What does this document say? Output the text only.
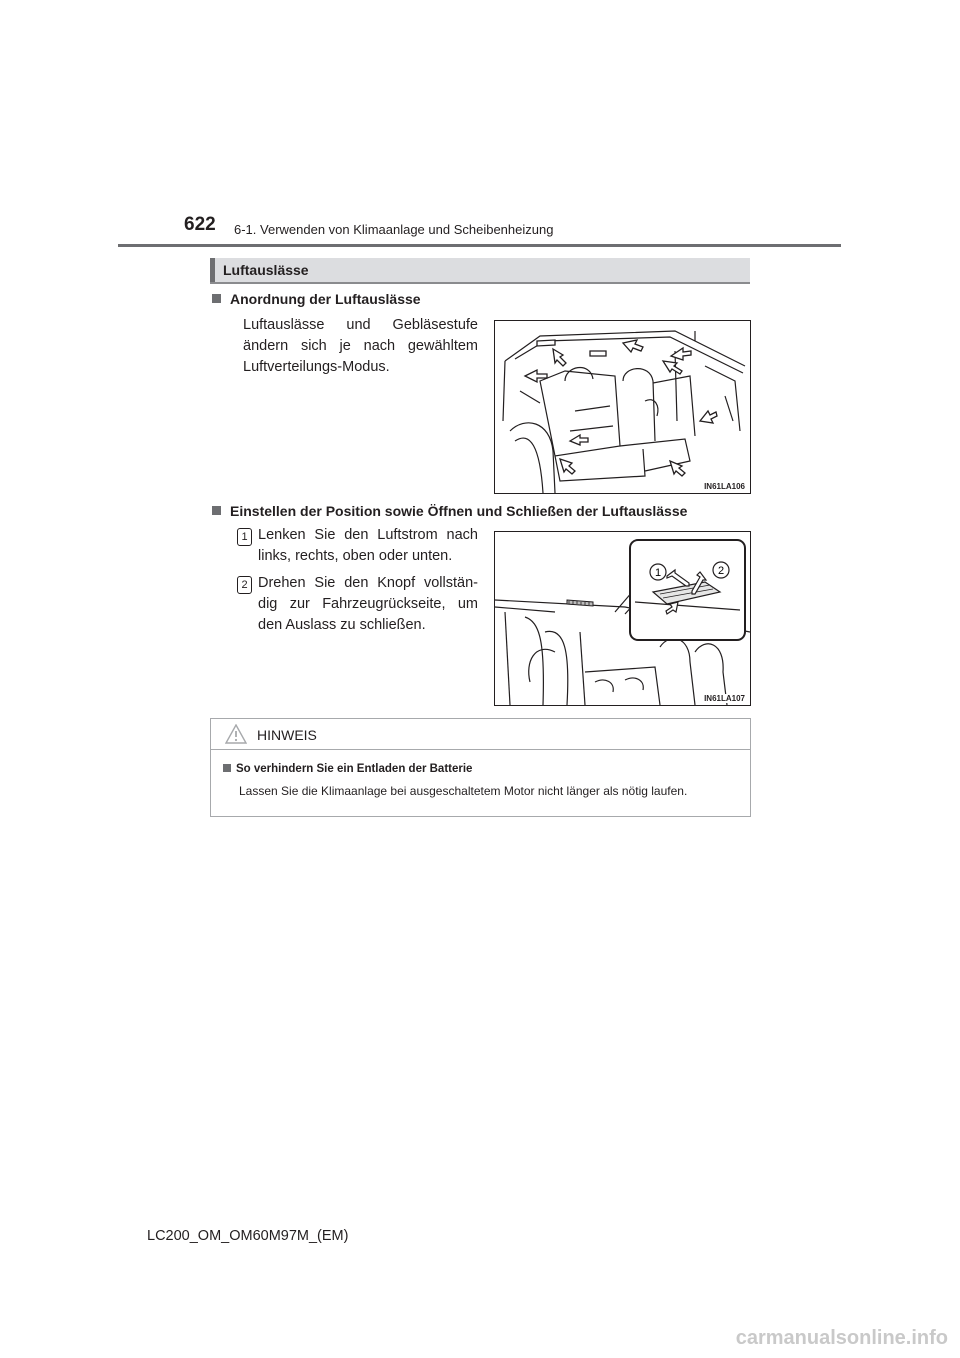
622 6-1. Verwenden von Klimaanlage und Scheibenheizung
Luftauslässe
Anordnung der Luftauslässe
Luftauslässe und Gebläsestufe ändern sich je nach gewähltem Luftverteilungs-Modus.
IN61LA106
Einstellen der Position sowie Öffnen und Schließen der Luftauslässe
1 Lenken Sie den Luftstrom nach links, rechts, oben oder unten.
2 Drehen Sie den Knopf vollstän-dig zur Fahrzeugrückseite, um den Auslass zu schließen.
1	2
IN61LA107
HINWEIS
So verhindern Sie ein Entladen der Batterie
Lassen Sie die Klimaanlage bei ausgeschaltetem Motor nicht länger als nötig laufen.
LC200_OM_OM60M97M_(EM)
carmanualsonline.info
